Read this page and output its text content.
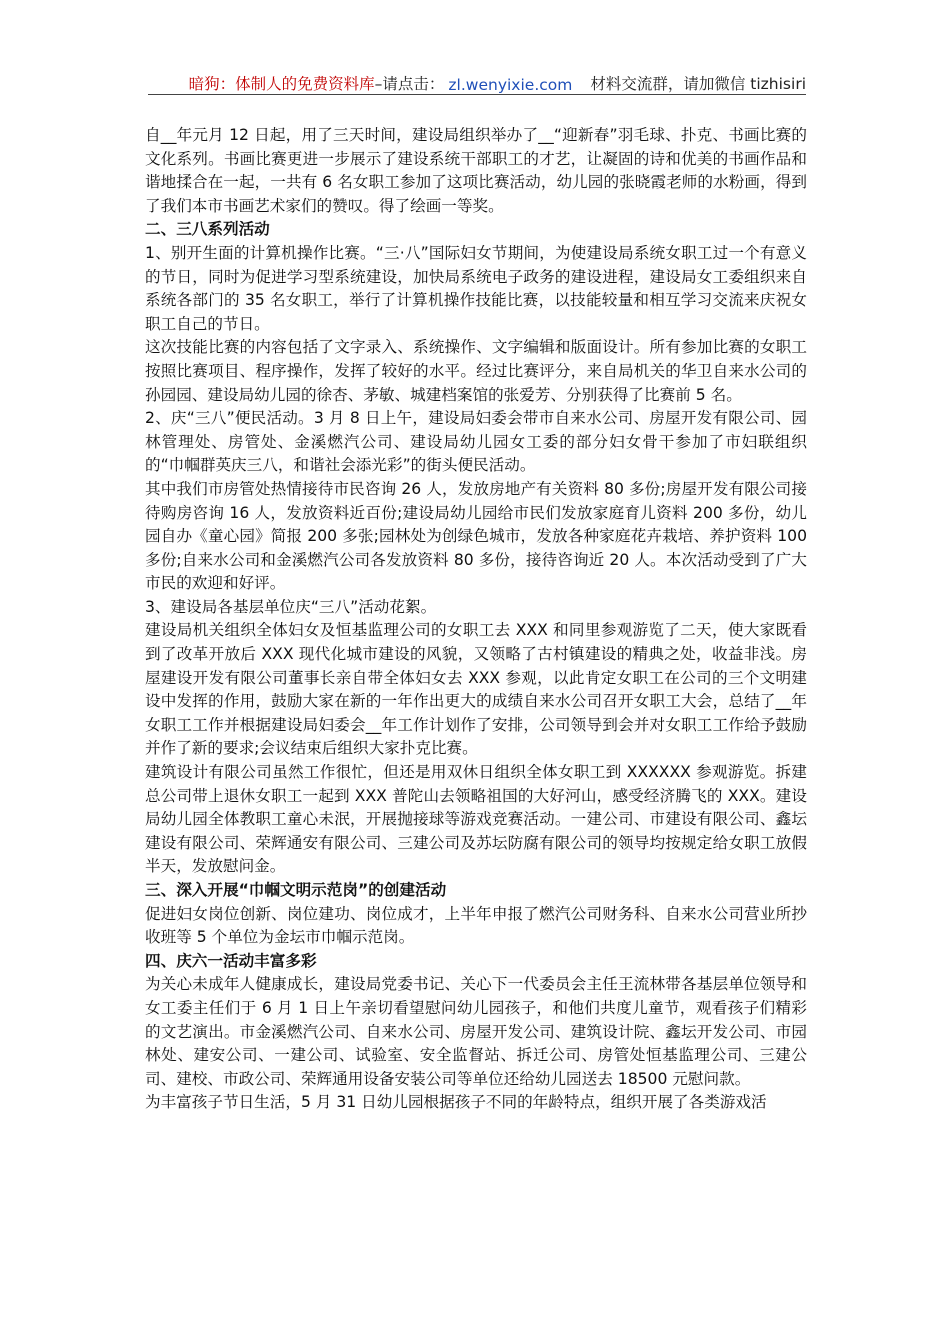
暗狗：体制人的免费资料库 –请点击： zl.wenyixie.com 材料交流群，请加微信 tizhisiri

自__年元月 12 日起，用了三天时间，建设局组织举办了__“迎新春”羽毛球、扑克、书画比赛的文化系列。书画比赛更进一步展示了建设系统干部职工的才艺，让凝固的诗和优美的书画作品和谐地揉合在一起，一共有 6 名女职工参加了这项比赛活动，幼儿园的张晓霞老师的水粉画，得到了我们本市书画艺术家们的赞叹。得了绘画一等奖。

二、三八系列活动

1、别开生面的计算机操作比赛。“三·八”国际妇女节期间，为使建设局系统女职工过一个有意义的节日，同时为促进学习型系统建设，加快局系统电子政务的建设进程，建设局女工委组织来自系统各部门的 35 名女职工，举行了计算机操作技能比赛，以技能较量和相互学习交流来庆祝女职工自己的节日。

这次技能比赛的内容包括了文字录入、系统操作、文字编辑和版面设计。所有参加比赛的女职工按照比赛项目、程序操作，发挥了较好的水平。经过比赛评分，来自局机关的华卫自来水公司的孙园园、建设局幼儿园的徐杏、茅敏、城建档案馆的张爱芳、分别获得了比赛前 5 名。

2、庆“三八”便民活动。3 月 8 日上午，建设局妇委会带市自来水公司、房屋开发有限公司、园林管理处、房管处、金溪燃汽公司、建设局幼儿园女工委的部分妇女骨干参加了市妇联组织的“巾帼群英庆三八，和谐社会添光彩”的街头便民活动。

其中我们市房管处热情接待市民咨询 26 人，发放房地产有关资料 80 多份;房屋开发有限公司接待购房咨询 16 人，发放资料近百份;建设局幼儿园给市民们发放家庭育儿资料 200 多份，幼儿园自办《童心园》简报 200 多张;园林处为创绿色城市，发放各种家庭花卉栽培、养护资料 100 多份;自来水公司和金溪燃汽公司各发放资料 80 多份，接待咨询近 20 人。本次活动受到了广大市民的欢迎和好评。

3、建设局各基层单位庆“三八”活动花絮。

建设局机关组织全体妇女及恒基监理公司的女职工去 XXX 和同里参观游览了二天，使大家既看到了改革开放后 XXX 现代化城市建设的风貌，又领略了古村镇建设的精典之处，收益非浅。房屋建设开发有限公司董事长亲自带全体妇女去 XXX 参观，以此肯定女职工在公司的三个文明建设中发挥的作用，鼓励大家在新的一年作出更大的成绩自来水公司召开女职工大会，总结了__年女职工工作并根据建设局妇委会__年工作计划作了安排，公司领导到会并对女职工工作给予鼓励并作了新的要求;会议结束后组织大家扑克比赛。

建筑设计有限公司虽然工作很忙，但还是用双休日组织全体女职工到 XXXXXX 参观游览。拆建总公司带上退休女职工一起到 XXX 普陀山去领略祖国的大好河山，感受经济腾飞的 XXX。建设局幼儿园全体教职工童心未泯，开展抛接球等游戏竞赛活动。一建公司、市建设有限公司、鑫坛建设有限公司、荣辉通安有限公司、三建公司及苏坛防腐有限公司的领导均按规定给女职工放假半天，发放慰问金。

三、深入开展“巾帼文明示范岗”的创建活动

促进妇女岗位创新、岗位建功、岗位成才，上半年申报了燃汽公司财务科、自来水公司营业所抄收班等 5 个单位为金坛市巾帼示范岗。

四、庆六一活动丰富多彩

为关心未成年人健康成长，建设局党委书记、关心下一代委员会主任王流林带各基层单位领导和女工委主任们于 6 月 1 日上午亲切看望慰问幼儿园孩子，和他们共度儿童节，观看孩子们精彩的文艺演出。市金溪燃汽公司、自来水公司、房屋开发公司、建筑设计院、鑫坛开发公司、市园林处、建安公司、一建公司、试验室、安全监督站、拆迁公司、房管处恒基监理公司、三建公司、建校、市政公司、荣辉通用设备安装公司等单位还给幼儿园送去 18500 元慰问款。

为丰富孩子节日生活，5 月 31 日幼儿园根据孩子不同的年龄特点，组织开展了各类游戏活
